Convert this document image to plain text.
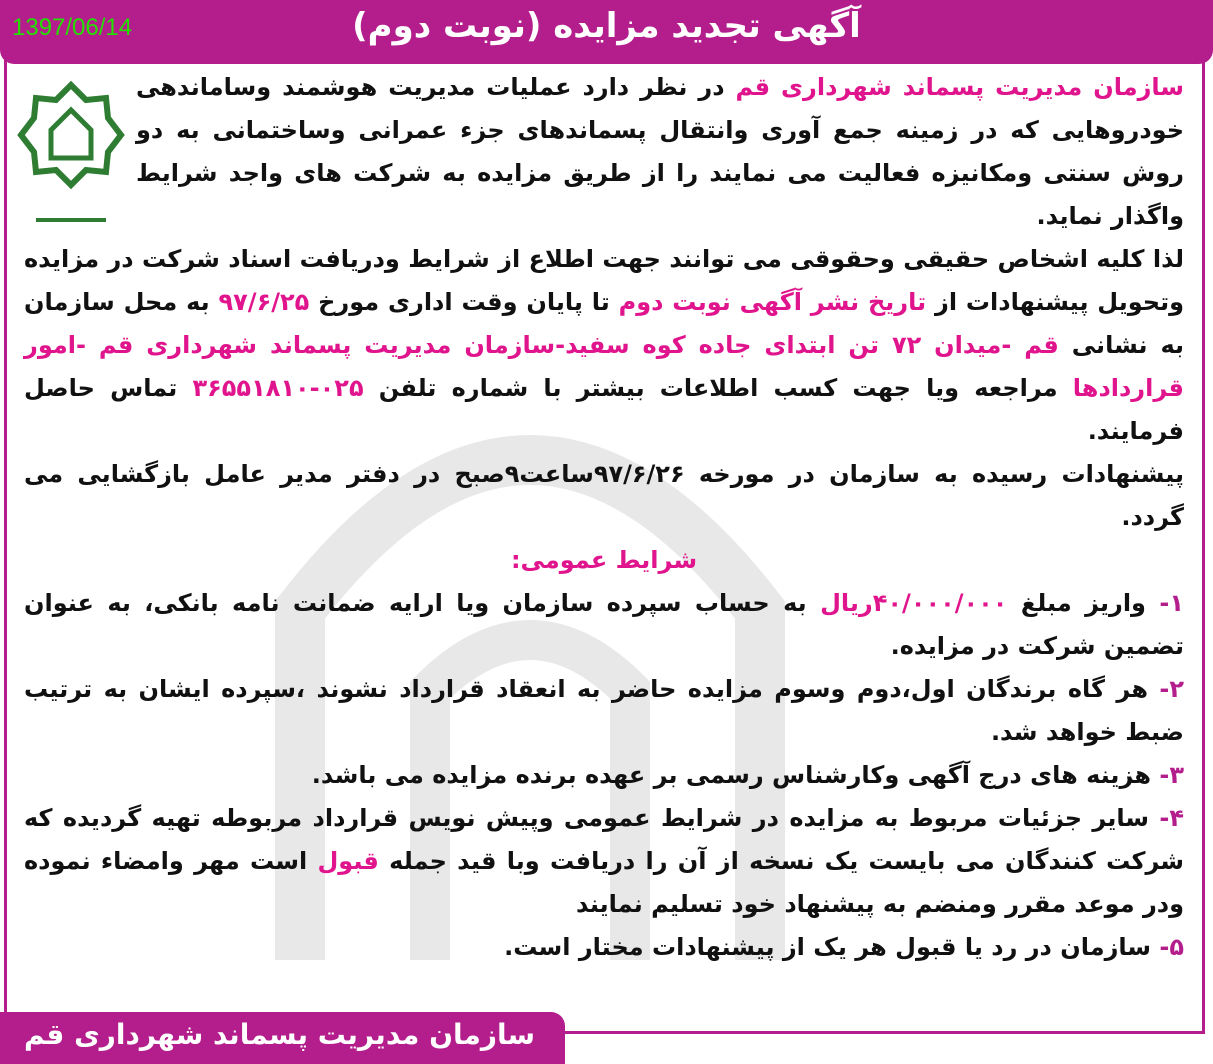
1397/06/14	آگهی تجدید مزایده (نوبت دوم)

سازمان مدیریت پسماند شهرداری قم در نظر دارد عملیات مدیریت هوشمند وساماندهی خودروهایی که در زمینه جمع آوری وانتقال پسماندهای جزء عمرانی وساختمانی به دو روش سنتی ومکانیزه فعالیت می نمایند را از طریق مزایده به شرکت های واجد شرایط واگذار نماید.

لذا کلیه اشخاص حقیقی وحقوقی می توانند جهت اطلاع از شرایط ودریافت اسناد شرکت در مزایده وتحویل پیشنهادات از تاریخ نشر آگهی نوبت دوم تا پایان وقت اداری مورخ ۹۷/۶/۲۵ به محل سازمان به نشانی قم -میدان ۷۲ تن ابتدای جاده کوه سفید-سازمان مدیریت پسماند شهرداری قم -امور قراردادها مراجعه ویا جهت کسب اطلاعات بیشتر با شماره تلفن ۰۲۵-۳۶۵۵۱۸۱۰ تماس حاصل فرمایند.

پیشنهادات رسیده به سازمان در مورخه ۹۷/۶/۲۶ساعت۹صبح در دفتر مدیر عامل بازگشایی می گردد.

شرایط عمومی:

۱- واریز مبلغ ۴۰/۰۰۰/۰۰۰ریال به حساب سپرده سازمان ویا ارایه ضمانت نامه بانکی، به عنوان تضمین شرکت در مزایده.

۲- هر گاه برندگان اول،دوم وسوم مزایده حاضر به انعقاد قرارداد نشوند ،سپرده ایشان به ترتیب ضبط خواهد شد.

۳- هزینه های درج آگهی وکارشناس رسمی بر عهده برنده مزایده می باشد.

۴- سایر جزئیات مربوط به مزایده در شرایط عمومی وپیش نویس قرارداد مربوطه تهیه گردیده که شرکت کنندگان می بایست یک نسخه از آن را دریافت وبا قید جمله قبول است مهر وامضاء نموده ودر موعد مقرر ومنضم به پیشنهاد خود تسلیم نمایند

۵- سازمان در رد یا قبول هر یک از پیشنهادات مختار است.

سازمان مدیریت پسماند شهرداری قم
